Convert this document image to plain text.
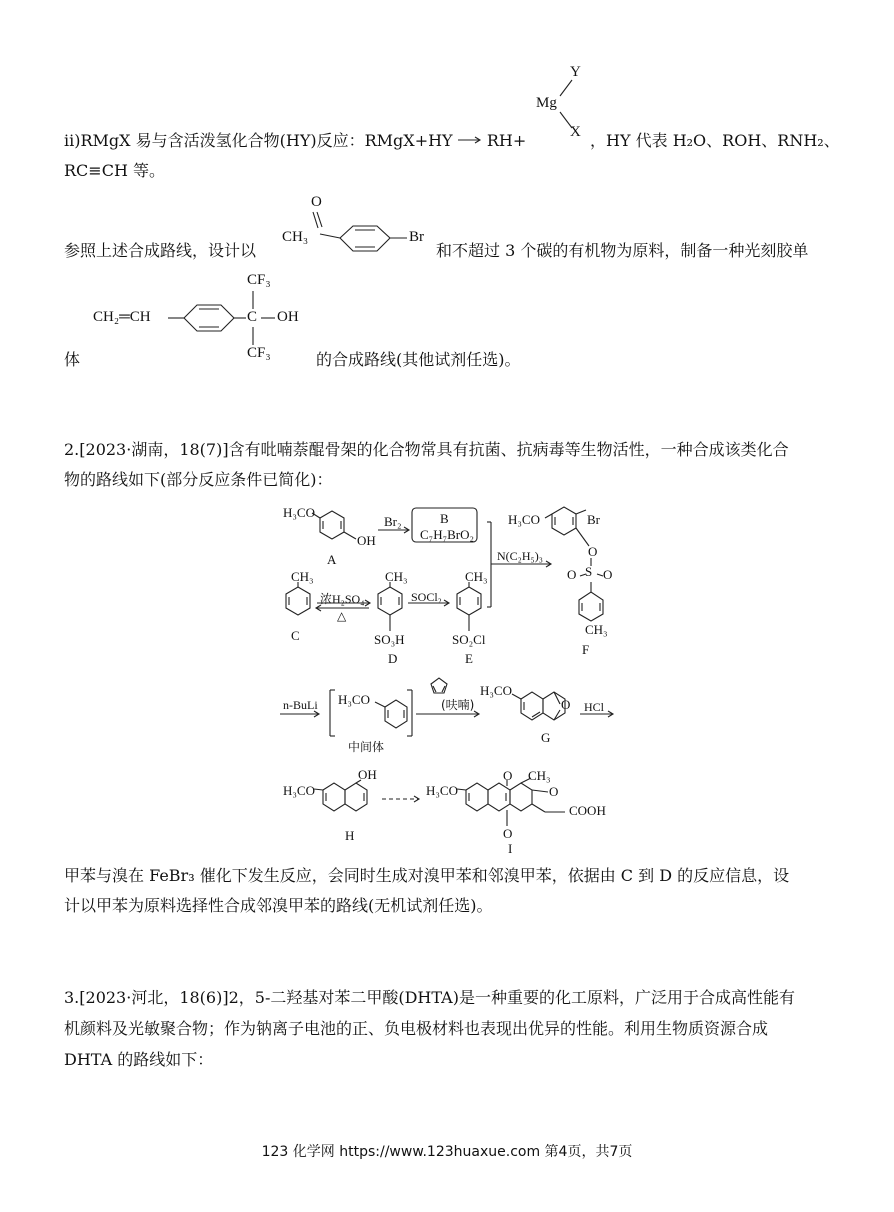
ii)RMgX 易与含活泼氢化合物(HY)反应：RMgX+HY RH+
Y
Mg
X ，HY 代表 H₂O、ROH、RNH₂、
RC≡CH 等。
O
CH₃	Br
参照上述合成路线，设计以	和不超过 3 个碳的有机物为原料，制备一种光刻胶单
CF₃
CH₂═CH	C OH
CF₃
体	的合成路线(其他试剂任选)。
2.[2023·湖南，18(7)]含有吡喃萘醌骨架的化合物常具有抗菌、抗病毒等生物活性，一种合成该类化合
物的路线如下(部分反应条件已简化)：
H₃CO
OH
A
Br₂	B
C₇H₇BrO₂
H₃CO	Br
O
S
O O
CH₃
F
N(C₂H₅)₃
CH₃
C
浓H₂SO₄
△
CH₃
SO₃H
D
SOCl₂
CH₃
SO₂Cl
E
n-BuLi H₃CO
中间体
(呋喃)
H₃CO
O
G
HCl
H₃CO
OH
H
H₃CO
O
O
CH₃
O
COOH
I
甲苯与溴在 FeBr₃ 催化下发生反应，会同时生成对溴甲苯和邻溴甲苯，依据由 C 到 D 的反应信息，设
计以甲苯为原料选择性合成邻溴甲苯的路线(无机试剂任选)。
3.[2023·河北，18(6)]2，5-二羟基对苯二甲酸(DHTA)是一种重要的化工原料，广泛用于合成高性能有
机颜料及光敏聚合物；作为钠离子电池的正、负电极材料也表现出优异的性能。利用生物质资源合成
DHTA 的路线如下：
123 化学网 https://www.123huaxue.com 第4页，共7页
